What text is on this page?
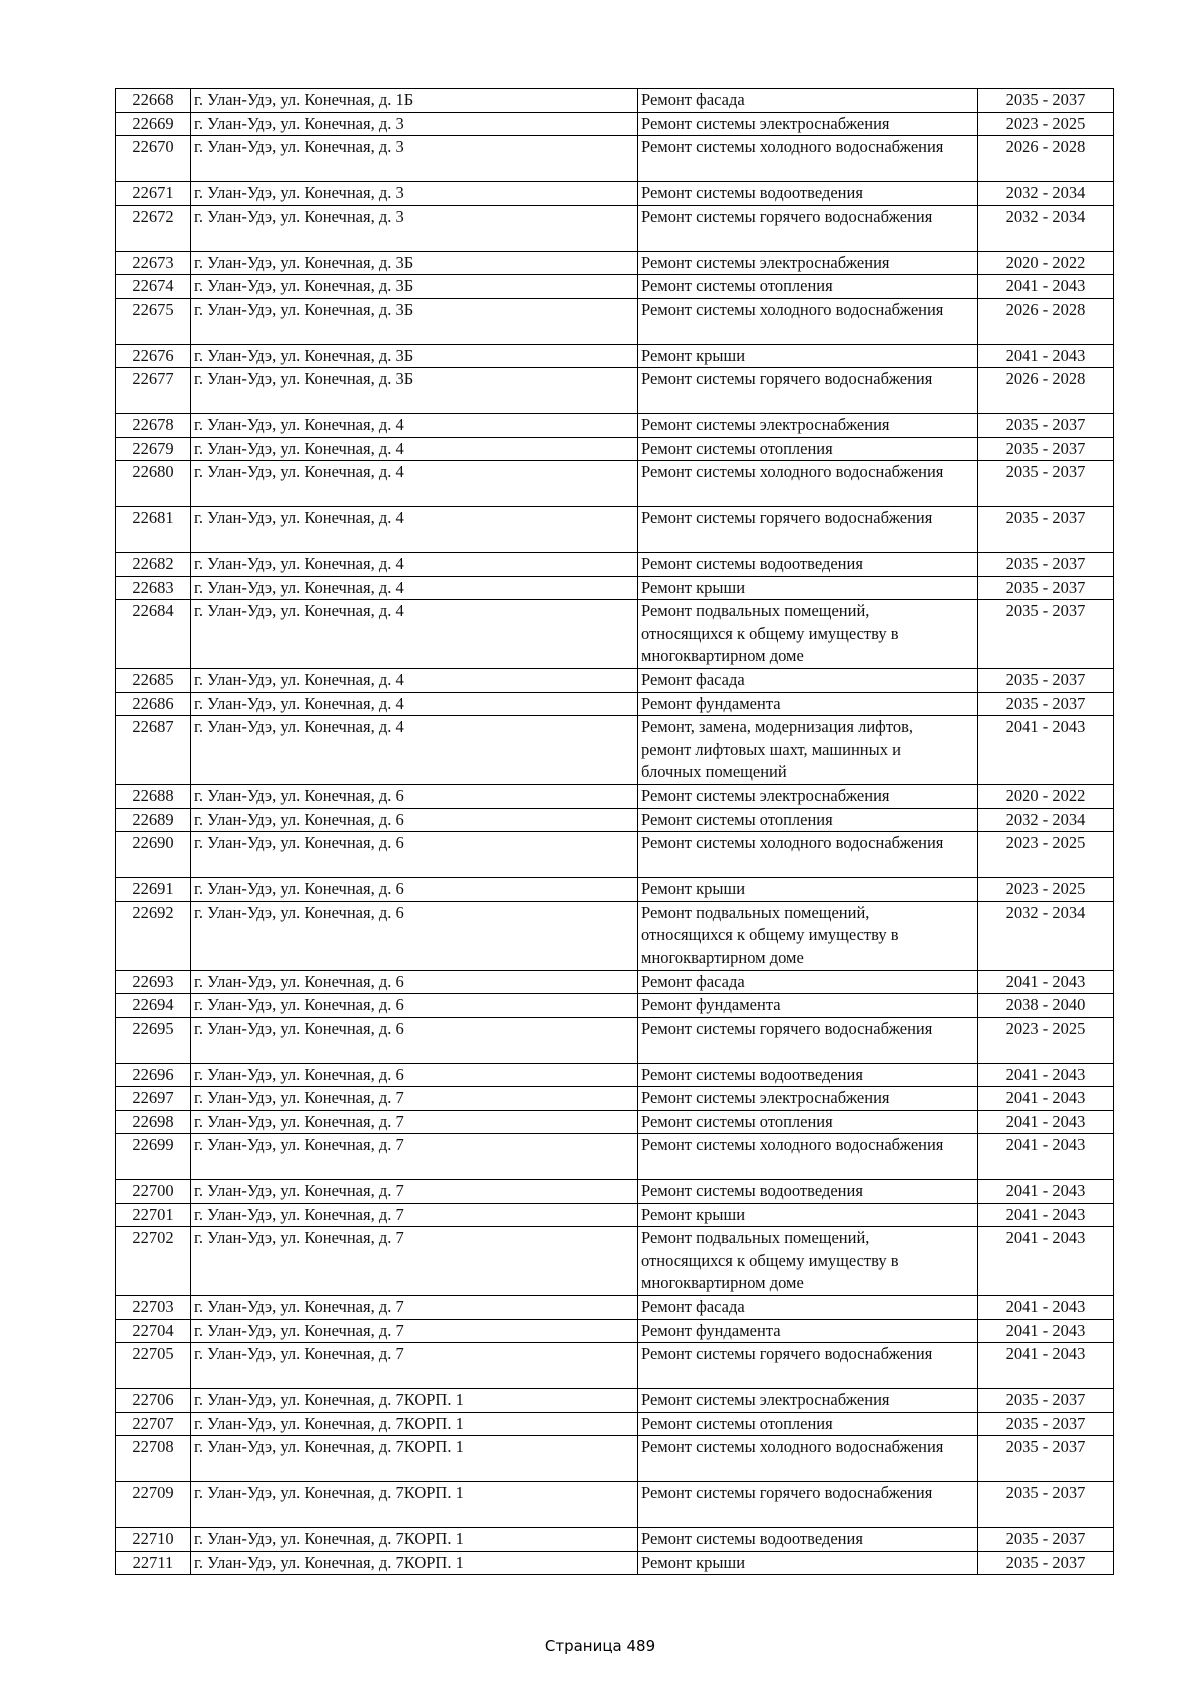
22668	г. Улан-Удэ, ул. Конечная, д. 1Б	Ремонт фасада	2035 - 2037
22669	г. Улан-Удэ, ул. Конечная, д. 3	Ремонт системы электроснабжения	2023 - 2025
22670	г. Улан-Удэ, ул. Конечная, д. 3	Ремонт системы холодного водоснабжения	2026 - 2028
22671	г. Улан-Удэ, ул. Конечная, д. 3	Ремонт системы водоотведения	2032 - 2034
22672	г. Улан-Удэ, ул. Конечная, д. 3	Ремонт системы горячего водоснабжения	2032 - 2034
22673	г. Улан-Удэ, ул. Конечная, д. 3Б	Ремонт системы электроснабжения	2020 - 2022
22674	г. Улан-Удэ, ул. Конечная, д. 3Б	Ремонт системы отопления	2041 - 2043
22675	г. Улан-Удэ, ул. Конечная, д. 3Б	Ремонт системы холодного водоснабжения	2026 - 2028
22676	г. Улан-Удэ, ул. Конечная, д. 3Б	Ремонт крыши	2041 - 2043
22677	г. Улан-Удэ, ул. Конечная, д. 3Б	Ремонт системы горячего водоснабжения	2026 - 2028
22678	г. Улан-Удэ, ул. Конечная, д. 4	Ремонт системы электроснабжения	2035 - 2037
22679	г. Улан-Удэ, ул. Конечная, д. 4	Ремонт системы отопления	2035 - 2037
22680	г. Улан-Удэ, ул. Конечная, д. 4	Ремонт системы холодного водоснабжения	2035 - 2037
22681	г. Улан-Удэ, ул. Конечная, д. 4	Ремонт системы горячего водоснабжения	2035 - 2037
22682	г. Улан-Удэ, ул. Конечная, д. 4	Ремонт системы водоотведения	2035 - 2037
22683	г. Улан-Удэ, ул. Конечная, д. 4	Ремонт крыши	2035 - 2037
22684	г. Улан-Удэ, ул. Конечная, д. 4	Ремонт подвальных помещений,
относящихся к общему имуществу в
многоквартирном доме	2035 - 2037
22685	г. Улан-Удэ, ул. Конечная, д. 4	Ремонт фасада	2035 - 2037
22686	г. Улан-Удэ, ул. Конечная, д. 4	Ремонт фундамента	2035 - 2037
22687	г. Улан-Удэ, ул. Конечная, д. 4	Ремонт, замена, модернизация лифтов,
ремонт лифтовых шахт, машинных и
блочных помещений	2041 - 2043
22688	г. Улан-Удэ, ул. Конечная, д. 6	Ремонт системы электроснабжения	2020 - 2022
22689	г. Улан-Удэ, ул. Конечная, д. 6	Ремонт системы отопления	2032 - 2034
22690	г. Улан-Удэ, ул. Конечная, д. 6	Ремонт системы холодного водоснабжения	2023 - 2025
22691	г. Улан-Удэ, ул. Конечная, д. 6	Ремонт крыши	2023 - 2025
22692	г. Улан-Удэ, ул. Конечная, д. 6	Ремонт подвальных помещений,
относящихся к общему имуществу в
многоквартирном доме	2032 - 2034
22693	г. Улан-Удэ, ул. Конечная, д. 6	Ремонт фасада	2041 - 2043
22694	г. Улан-Удэ, ул. Конечная, д. 6	Ремонт фундамента	2038 - 2040
22695	г. Улан-Удэ, ул. Конечная, д. 6	Ремонт системы горячего водоснабжения	2023 - 2025
22696	г. Улан-Удэ, ул. Конечная, д. 6	Ремонт системы водоотведения	2041 - 2043
22697	г. Улан-Удэ, ул. Конечная, д. 7	Ремонт системы электроснабжения	2041 - 2043
22698	г. Улан-Удэ, ул. Конечная, д. 7	Ремонт системы отопления	2041 - 2043
22699	г. Улан-Удэ, ул. Конечная, д. 7	Ремонт системы холодного водоснабжения	2041 - 2043
22700	г. Улан-Удэ, ул. Конечная, д. 7	Ремонт системы водоотведения	2041 - 2043
22701	г. Улан-Удэ, ул. Конечная, д. 7	Ремонт крыши	2041 - 2043
22702	г. Улан-Удэ, ул. Конечная, д. 7	Ремонт подвальных помещений,
относящихся к общему имуществу в
многоквартирном доме	2041 - 2043
22703	г. Улан-Удэ, ул. Конечная, д. 7	Ремонт фасада	2041 - 2043
22704	г. Улан-Удэ, ул. Конечная, д. 7	Ремонт фундамента	2041 - 2043
22705	г. Улан-Удэ, ул. Конечная, д. 7	Ремонт системы горячего водоснабжения	2041 - 2043
22706	г. Улан-Удэ, ул. Конечная, д. 7КОРП. 1	Ремонт системы электроснабжения	2035 - 2037
22707	г. Улан-Удэ, ул. Конечная, д. 7КОРП. 1	Ремонт системы отопления	2035 - 2037
22708	г. Улан-Удэ, ул. Конечная, д. 7КОРП. 1	Ремонт системы холодного водоснабжения	2035 - 2037
22709	г. Улан-Удэ, ул. Конечная, д. 7КОРП. 1	Ремонт системы горячего водоснабжения	2035 - 2037
22710	г. Улан-Удэ, ул. Конечная, д. 7КОРП. 1	Ремонт системы водоотведения	2035 - 2037
22711	г. Улан-Удэ, ул. Конечная, д. 7КОРП. 1	Ремонт крыши	2035 - 2037
Страница 489
